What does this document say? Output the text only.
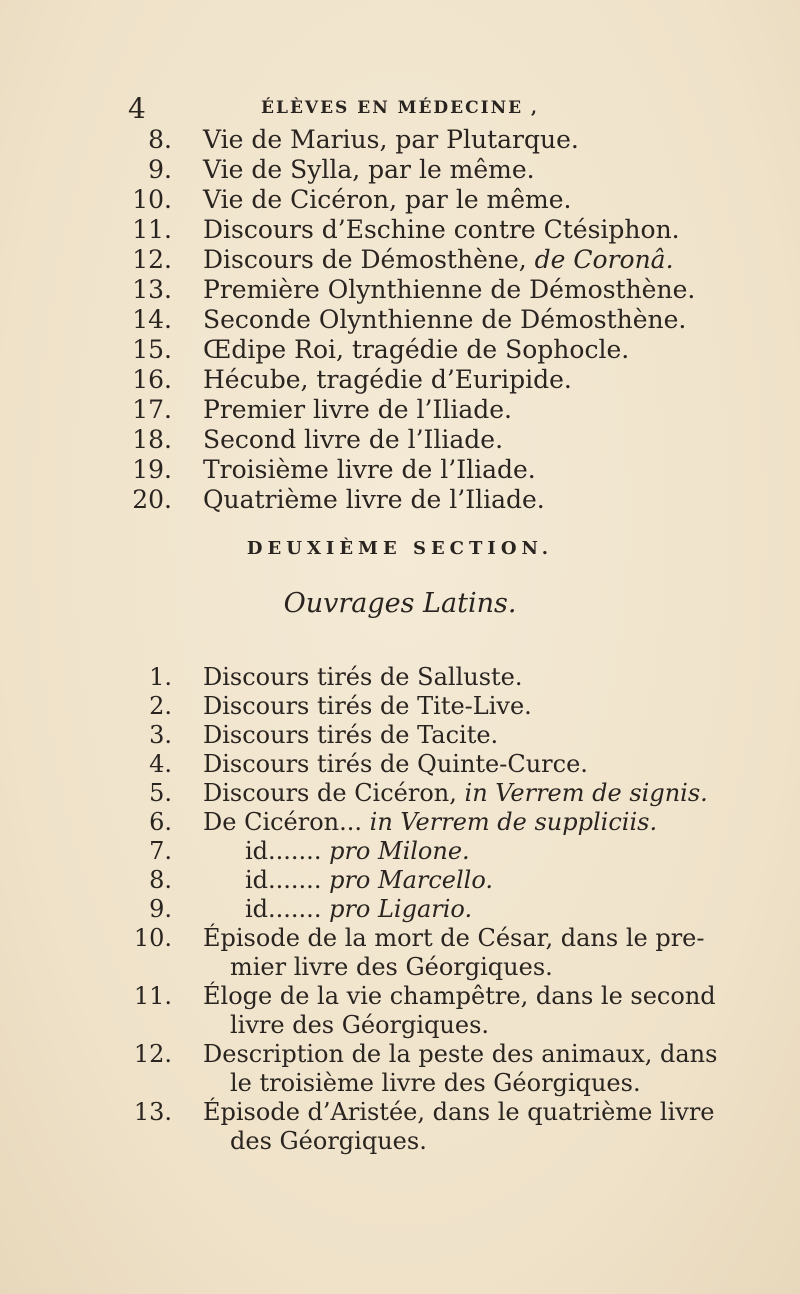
4	ÉLÈVES EN MÉDECINE ,
8. Vie de Marius, par Plutarque.
9. Vie de Sylla, par le même.
10. Vie de Cicéron, par le même.
11. Discours d’Eschine contre Ctésiphon.
12. Discours de Démosthène, de Coronâ.
13. Première Olynthienne de Démosthène.
14. Seconde Olynthienne de Démosthène.
15. Œdipe Roi, tragédie de Sophocle.
16. Hécube, tragédie d’Euripide.
17. Premier livre de l’Iliade.
18. Second livre de l’Iliade.
19. Troisième livre de l’Iliade.
20. Quatrième livre de l’Iliade.
DEUXIÈME SECTION.
Ouvrages Latins.
1. Discours tirés de Salluste.
2. Discours tirés de Tite-Live.
3. Discours tirés de Tacite.
4. Discours tirés de Quinte-Curce.
5. Discours de Cicéron, in Verrem de signis.
6. De Cicéron... in Verrem de suppliciis.
7.	id....... pro Milone.
8.	id....... pro Marcello.
9.	id....... pro Ligario.
10. Épisode de la mort de César, dans le pre-
mier livre des Géorgiques.
11. Éloge de la vie champêtre, dans le second
livre des Géorgiques.
12. Description de la peste des animaux, dans
le troisième livre des Géorgiques.
13. Épisode d’Aristée, dans le quatrième livre
des Géorgiques.
